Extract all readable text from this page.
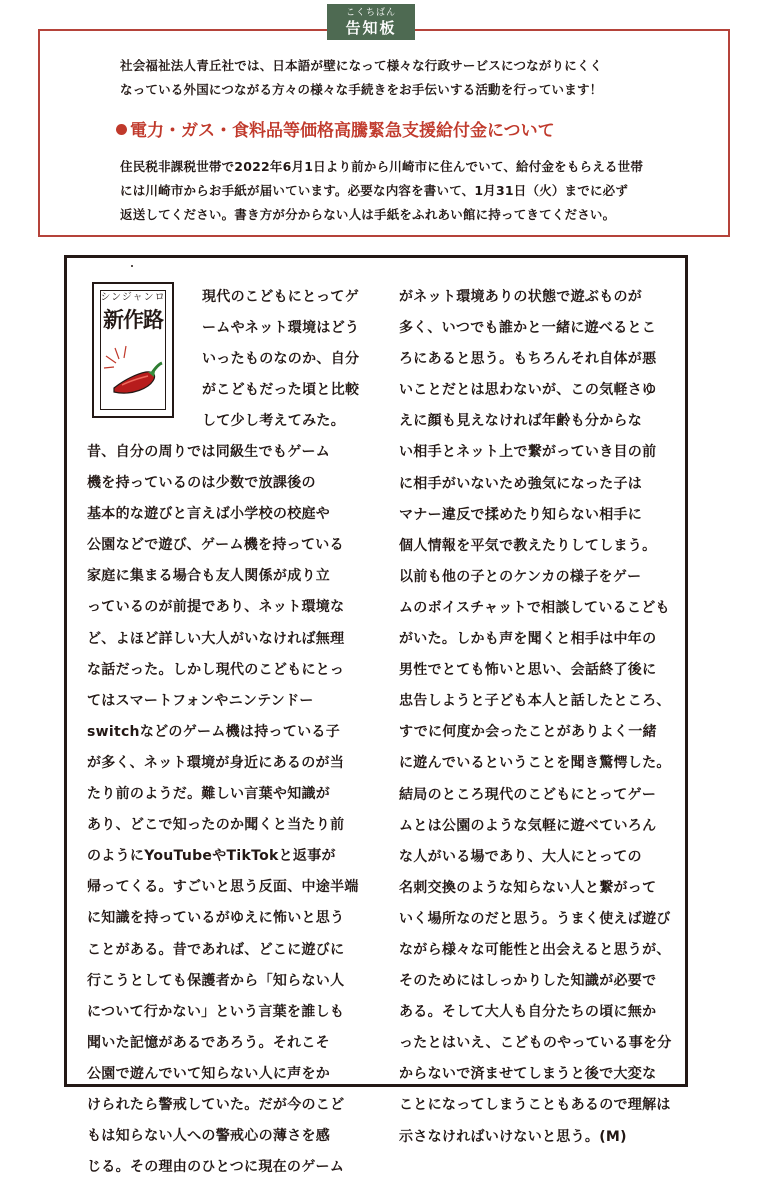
こくちばん
告知板
社会福祉法人青丘社では、日本語が壁になって様々な行政サービスにつながりにくく
なっている外国につながる方々の様々な手続きをお手伝いする活動を行っています！
電力・ガス・食料品等価格高騰緊急支援給付金について
住民税非課税世帯で2022年6月1日より前から川崎市に住んでいて、給付金をもらえる世帯
には川崎市からお手紙が届いています。必要な内容を書いて、1月31日（火）までに必ず
返送してください。書き方が分からない人は手紙をふれあい館に持ってきてください。
シンジャンロ
新作路
現代のこどもにとってゲ
ームやネット環境はどう
いったものなのか、自分
がこどもだった頃と比較
して少し考えてみた。
昔、自分の周りでは同級生でもゲーム
機を持っているのは少数で放課後の
基本的な遊びと言えば小学校の校庭や
公園などで遊び、ゲーム機を持っている
家庭に集まる場合も友人関係が成り立
っているのが前提であり、ネット環境な
ど、よほど詳しい大人がいなければ無理
な話だった。しかし現代のこどもにとっ
てはスマートフォンやニンテンドー
switchなどのゲーム機は持っている子
が多く、ネット環境が身近にあるのが当
たり前のようだ。難しい言葉や知識が
あり、どこで知ったのか聞くと当たり前
のようにYouTubeやTikTokと返事が
帰ってくる。すごいと思う反面、中途半端
に知識を持っているがゆえに怖いと思う
ことがある。昔であれば、どこに遊びに
行こうとしても保護者から「知らない人
について行かない」という言葉を誰しも
聞いた記憶があるであろう。それこそ
公園で遊んでいて知らない人に声をか
けられたら警戒していた。だが今のこど
もは知らない人への警戒心の薄さを感
じる。その理由のひとつに現在のゲーム
がネット環境ありの状態で遊ぶものが
多く、いつでも誰かと一緒に遊べるとこ
ろにあると思う。もちろんそれ自体が悪
いことだとは思わないが、この気軽さゆ
えに顔も見えなければ年齢も分からな
い相手とネット上で繋がっていき目の前
に相手がいないため強気になった子は
マナー違反で揉めたり知らない相手に
個人情報を平気で教えたりしてしまう。
以前も他の子とのケンカの様子をゲー
ムのボイスチャットで相談しているこども
がいた。しかも声を聞くと相手は中年の
男性でとても怖いと思い、会話終了後に
忠告しようと子ども本人と話したところ、
すでに何度か会ったことがありよく一緒
に遊んでいるということを聞き驚愕した。
結局のところ現代のこどもにとってゲー
ムとは公園のような気軽に遊べていろん
な人がいる場であり、大人にとっての
名刺交換のような知らない人と繋がって
いく場所なのだと思う。うまく使えば遊び
ながら様々な可能性と出会えると思うが、
そのためにはしっかりした知識が必要で
ある。そして大人も自分たちの頃に無か
ったとはいえ、こどものやっている事を分
からないで済ませてしまうと後で大変な
ことになってしまうこともあるので理解は
示さなければいけないと思う。(M)
